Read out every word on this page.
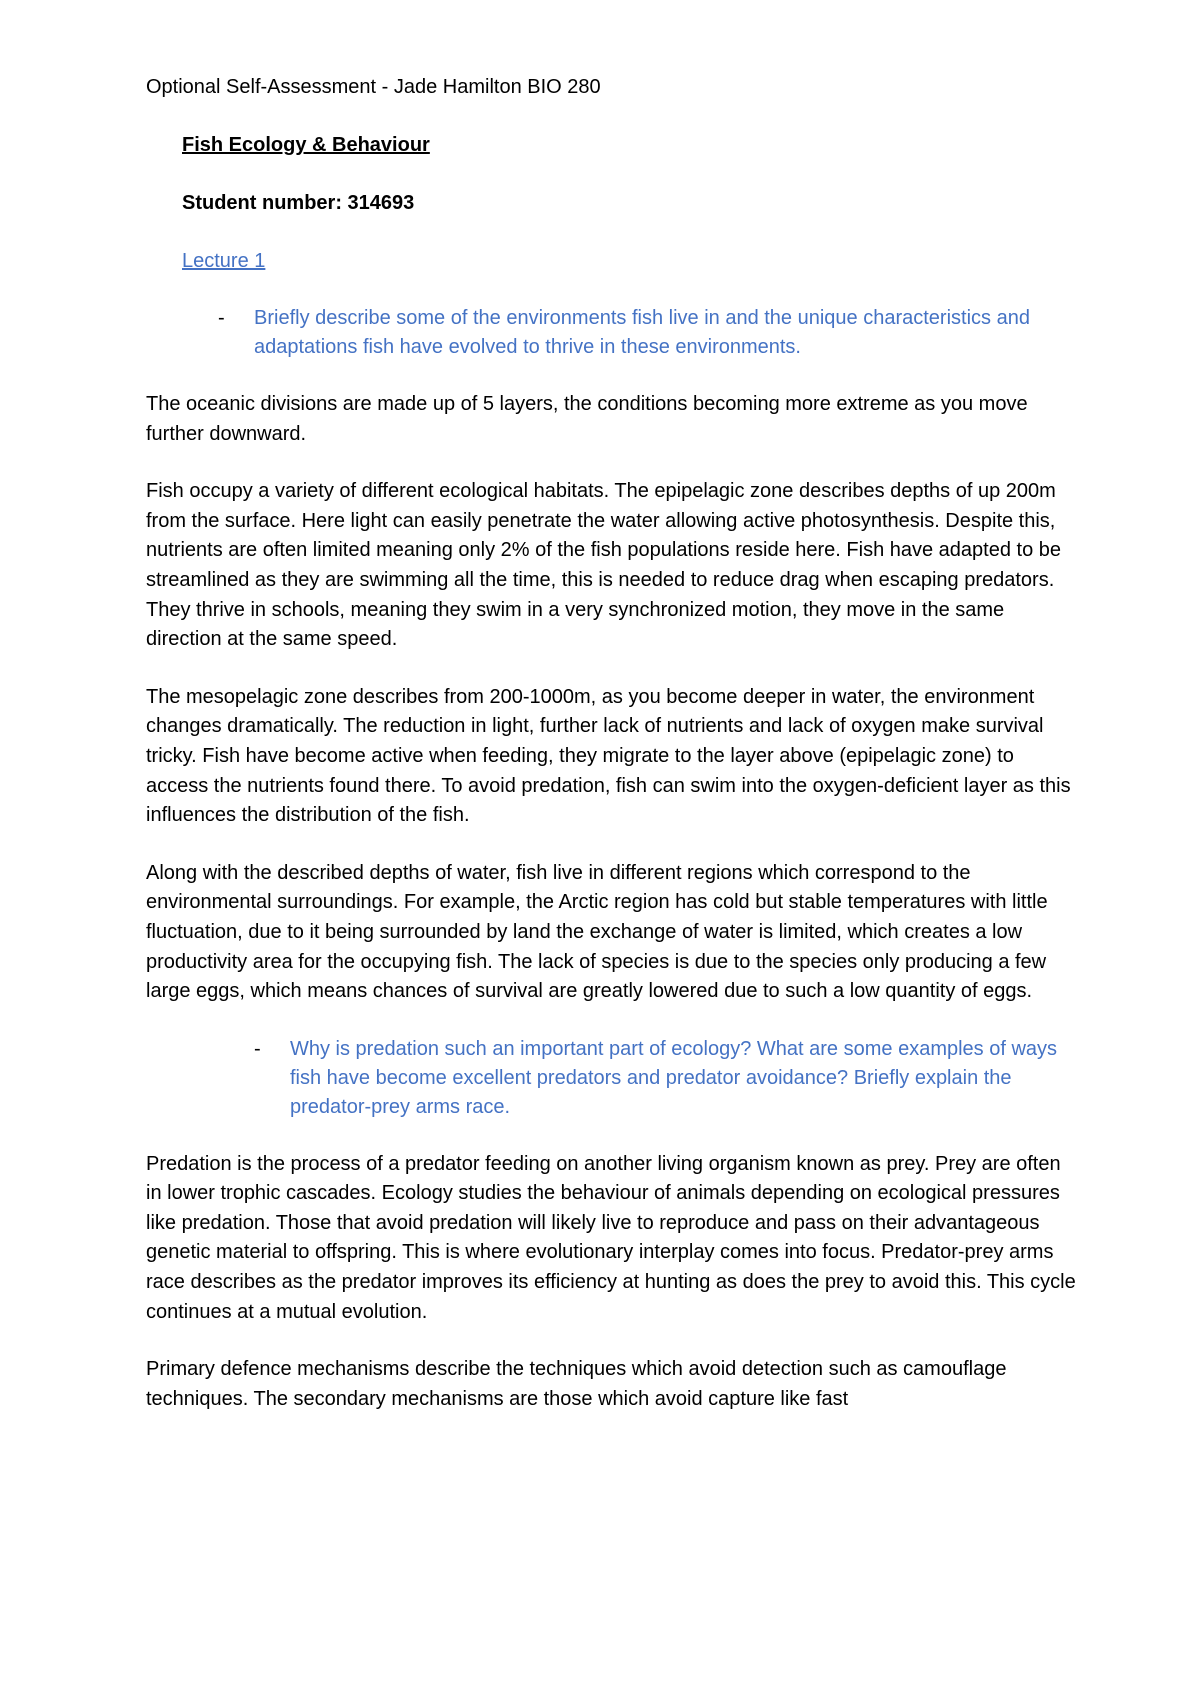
Optional Self-Assessment - Jade Hamilton BIO 280
Fish Ecology & Behaviour
Student number: 314693
Lecture 1
-	Briefly describe some of the environments fish live in and the unique characteristics and adaptations fish have evolved to thrive in these environments.

The oceanic divisions are made up of 5 layers, the conditions becoming more extreme as you move further downward.

Fish occupy a variety of different ecological habitats. The epipelagic zone describes depths of up 200m from the surface. Here light can easily penetrate the water allowing active photosynthesis. Despite this, nutrients are often limited meaning only 2% of the fish populations reside here. Fish have adapted to be streamlined as they are swimming all the time, this is needed to reduce drag when escaping predators. They thrive in schools, meaning they swim in a very synchronized motion, they move in the same direction at the same speed.

The mesopelagic zone describes from 200-1000m, as you become deeper in water, the environment changes dramatically. The reduction in light, further lack of nutrients and lack of oxygen make survival tricky. Fish have become active when feeding, they migrate to the layer above (epipelagic zone) to access the nutrients found there. To avoid predation, fish can swim into the oxygen-deficient layer as this influences the distribution of the fish.

Along with the described depths of water, fish live in different regions which correspond to the environmental surroundings. For example, the Arctic region has cold but stable temperatures with little fluctuation, due to it being surrounded by land the exchange of water is limited, which creates a low productivity area for the occupying fish. The lack of species is due to the species only producing a few large eggs, which means chances of survival are greatly lowered due to such a low quantity of eggs.

-	Why is predation such an important part of ecology? What are some examples of ways fish have become excellent predators and predator avoidance? Briefly explain the predator-prey arms race.

Predation is the process of a predator feeding on another living organism known as prey. Prey are often in lower trophic cascades. Ecology studies the behaviour of animals depending on ecological pressures like predation. Those that avoid predation will likely live to reproduce and pass on their advantageous genetic material to offspring. This is where evolutionary interplay comes into focus. Predator-prey arms race describes as the predator improves its efficiency at hunting as does the prey to avoid this. This cycle continues at a mutual evolution.

Primary defence mechanisms describe the techniques which avoid detection such as camouflage techniques. The secondary mechanisms are those which avoid capture like fast
